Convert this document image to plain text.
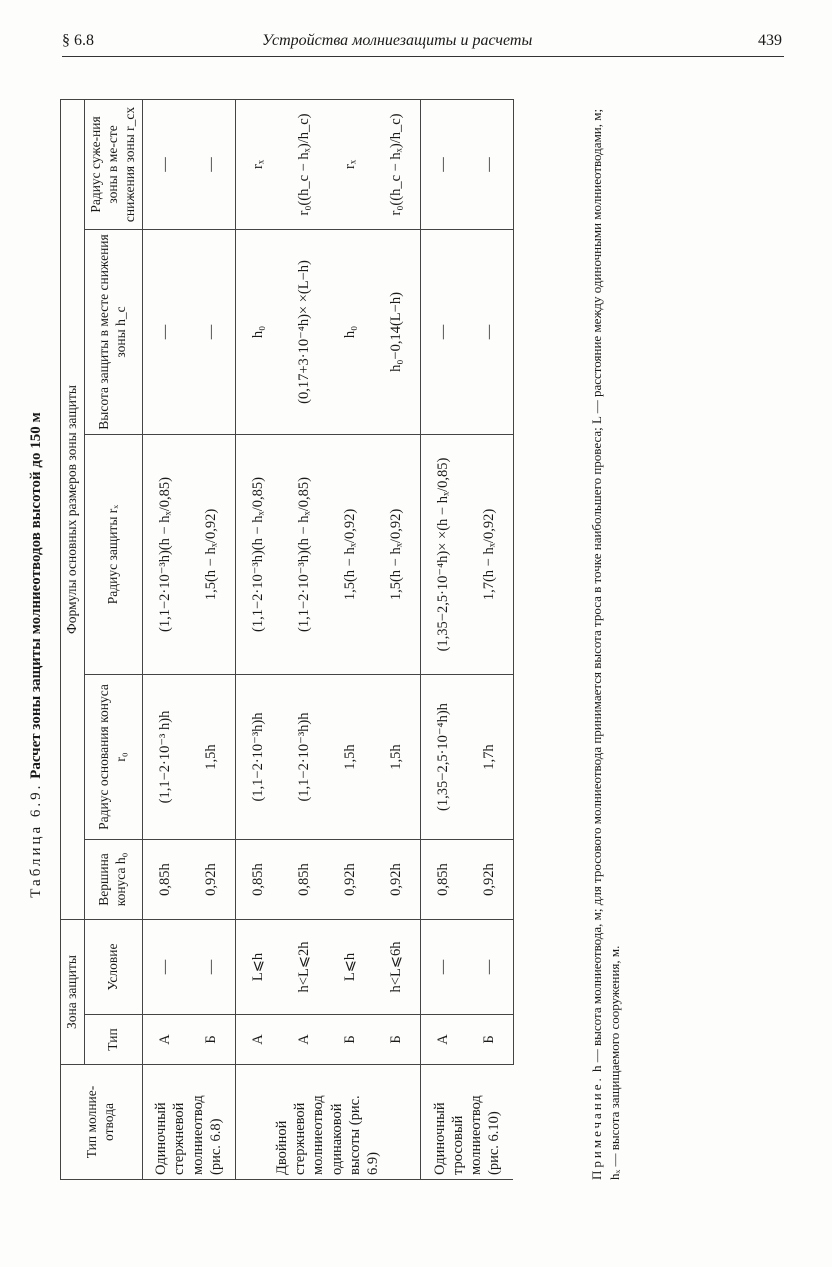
§ 6.8	Устройства молниезащиты и расчеты	439
Таблица 6.9. Расчет зоны защиты молниеотводов высотой до 150 м
Тип молние-отвода	Зона защиты		Формулы основных размеров зоны защиты				
	Тип	Условие	Вершина конуса h₀	Радиус основания конуса r₀	Радиус защиты rₓ	Высота защиты в месте снижения зоны h_c	Радиус суже-ния зоны в ме-сте снижения зоны r_cx
Одиночный стержневой молниеотвод (рис. 6.8)	А	—	0,85h	(1,1−2·10⁻³ h)h	(1,1−2·10⁻³h)(h − hₓ/0,85)	—	—
	Б	—	0,92h	1,5h	1,5(h − hₓ/0,92)	—	—
Двойной стержневой молниеотвод одинаковой высоты (рис. 6.9)	А	L⩽h	0,85h	(1,1−2·10⁻³h)h	(1,1−2·10⁻³h)(h − hₓ/0,85)	h₀	rₓ
	А	h<L⩽2h	0,85h	(1,1−2·10⁻³h)h	(1,1−2·10⁻³h)(h − hₓ/0,85)	(0,17+3·10⁻⁴h)× ×(L−h)	r₀((h_c − hₓ)/h_c)
	Б	L⩽h	0,92h	1,5h	1,5(h − hₓ/0,92)	h₀	rₓ
	Б	h<L⩽6h	0,92h	1,5h	1,5(h − hₓ/0,92)	h₀−0,14(L−h)	r₀((h_c − hₓ)/h_c)
Одиночный тросовый молниеотвод (рис. 6.10)	А	—	0,85h	(1,35−2,5·10⁻⁴h)h	(1,35−2,5·10⁻⁴h)× ×(h − hₓ/0,85)	—	—
	Б	—	0,92h	1,7h	1,7(h − hₓ/0,92)	—	—
Примечание. h — высота молниеотвода, м; для тросового молниеотвода принимается высота троса в точке наибольшего провеса; L — расстояние между одиночными молниеотводами, м; hₓ — высота защищаемого сооружения, м.
